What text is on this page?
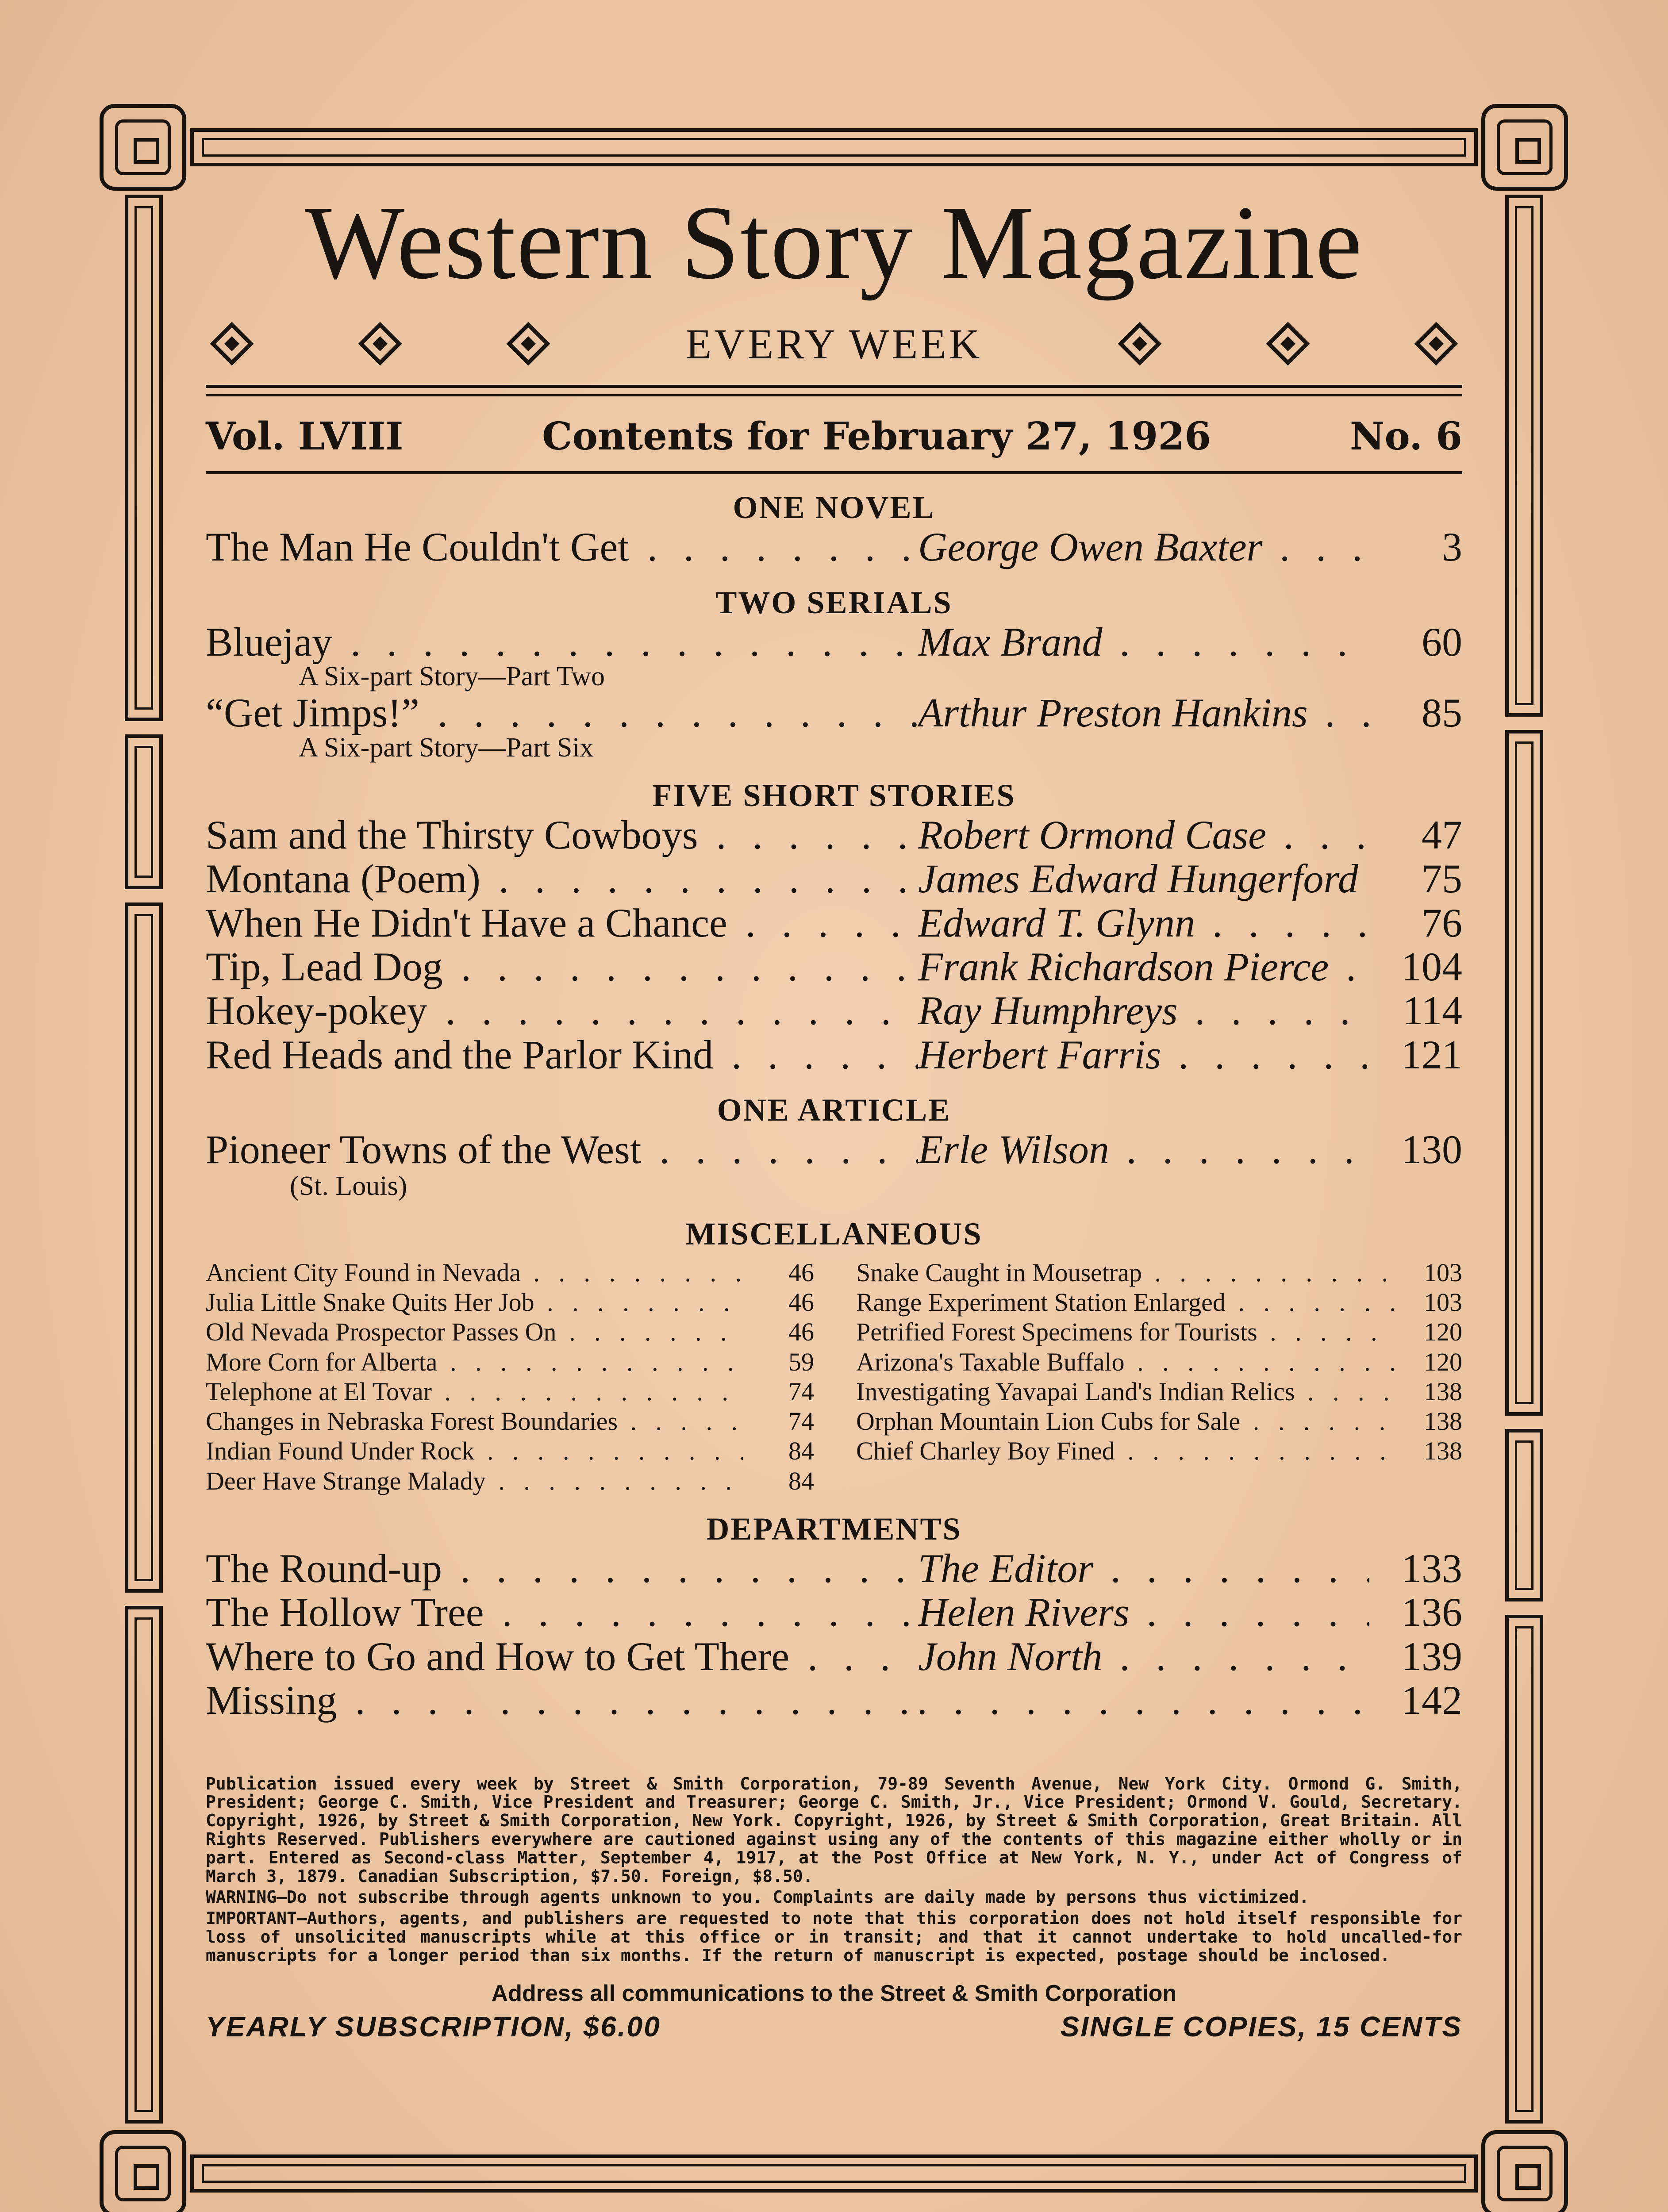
Western Story Magazine
EVERY WEEK
Vol. LVIII	Contents for February 27, 1926	No. 6
ONE NOVEL
The Man He Couldn't Get . .	George Owen Baxter . .	3
TWO SERIALS
Bluejay . .	Max Brand . .	60
A Six-part Story—Part Two
“Get Jimps!” . .	Arthur Preston Hankins . .	85
A Six-part Story—Part Six
FIVE SHORT STORIES
Sam and the Thirsty Cowboys . .	Robert Ormond Case . .	47
Montana (Poem) . .	James Edward Hungerford . .	75
When He Didn't Have a Chance . .	Edward T. Glynn . .	76
Tip, Lead Dog . .	Frank Richardson Pierce . .	104
Hokey-pokey . .	Ray Humphreys . .	114
Red Heads and the Parlor Kind . .	Herbert Farris . .	121
ONE ARTICLE
Pioneer Towns of the West . .	Erle Wilson . .	130
(St. Louis)
MISCELLANEOUS
Ancient City Found in Nevada . .	46
Julia Little Snake Quits Her Job . .	46
Old Nevada Prospector Passes On . .	46
More Corn for Alberta . .	59
Telephone at El Tovar . .	74
Changes in Nebraska Forest Boundaries . .	74
Indian Found Under Rock . .	84
Deer Have Strange Malady . .	84
Snake Caught in Mousetrap . .	103
Range Experiment Station Enlarged . .	103
Petrified Forest Specimens for Tourists . .	120
Arizona's Taxable Buffalo . .	120
Investigating Yavapai Land's Indian Relics . .	138
Orphan Mountain Lion Cubs for Sale . .	138
Chief Charley Boy Fined . .	138
DEPARTMENTS
The Round-up . .	The Editor . .	133
The Hollow Tree . .	Helen Rivers . .	136
Where to Go and How to Get There . .	John North . .	139
Missing . . . .	142

Publication issued every week by Street & Smith Corporation, 79-89 Seventh Avenue, New York City. Ormond G. Smith, President; George C. Smith, Vice President and Treasurer; George C. Smith, Jr., Vice President; Ormond V. Gould, Secretary. Copyright, 1926, by Street & Smith Corporation, New York. Copyright, 1926, by Street & Smith Corporation, Great Britain. All Rights Reserved. Publishers everywhere are cautioned against using any of the contents of this magazine either wholly or in part. Entered as Second-class Matter, September 4, 1917, at the Post Office at New York, N. Y., under Act of Congress of March 3, 1879. Canadian Subscription, $7.50. Foreign, $8.50.

WARNING—Do not subscribe through agents unknown to you. Complaints are daily made by persons thus victimized.

IMPORTANT—Authors, agents, and publishers are requested to note that this corporation does not hold itself responsible for loss of unsolicited manuscripts while at this office or in transit; and that it cannot undertake to hold uncalled-for manuscripts for a longer period than six months. If the return of manuscript is expected, postage should be inclosed.

Address all communications to the Street & Smith Corporation
YEARLY SUBSCRIPTION, $6.00	SINGLE COPIES, 15 CENTS
